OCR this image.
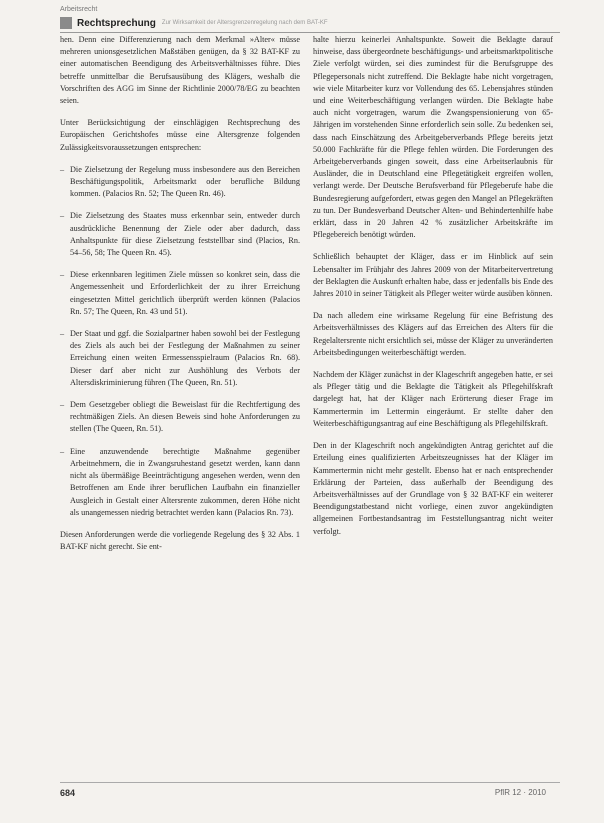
Arbeitsrecht
Rechtsprechung Zur Wirksamkeit der Altersgrenzenregelung nach dem BAT-KF

hen. Denn eine Differenzierung nach dem Merkmal »Alter« müsse mehreren unionsgesetzlichen Maßstäben genügen, da § 32 BAT-KF zu einer automatischen Beendigung des Arbeitsverhältnisses führe. Dies betreffe unmittelbar die Berufsausübung des Klägers, weshalb die Vorschriften des AGG im Sinne der Richtlinie 2000/78/EG zu beachten seien.

Unter Berücksichtigung der einschlägigen Rechtsprechung des Europäischen Gerichtshofes müsse eine Altersgrenze folgenden Zulässigkeitsvoraussetzungen entsprechen:

– Die Zielsetzung der Regelung muss insbesondere aus den Bereichen Beschäftigungspolitik, Arbeitsmarkt oder berufliche Bildung kommen. (Palacios Rn. 52; The Queen Rn. 46).
– Die Zielsetzung des Staates muss erkennbar sein, entweder durch ausdrückliche Benennung der Ziele oder aber dadurch, dass Anhaltspunkte für diese Zielsetzung feststellbar sind (Placios, Rn. 54–56, 58; The Queen Rn. 45).
– Diese erkennbaren legitimen Ziele müssen so konkret sein, dass die Angemessenheit und Erforderlichkeit der zu ihrer Erreichung eingesetzten Mittel gerichtlich überprüft werden können (Palacios Rn. 57; The Queen, Rn. 43 und 51).
– Der Staat und ggf. die Sozialpartner haben sowohl bei der Festlegung des Ziels als auch bei der Festlegung der Maßnahmen zu seiner Erreichung einen weiten Ermessensspielraum (Palacios Rn. 68). Dieser darf aber nicht zur Aushöhlung des Verbots der Altersdiskriminierung führen (The Queen, Rn. 51).
– Dem Gesetzgeber obliegt die Beweislast für die Rechtfertigung des rechtmäßigen Ziels. An diesen Beweis sind hohe Anforderungen zu stellen (The Queen, Rn. 51).
– Eine anzuwendende berechtigte Maßnahme gegenüber Arbeitnehmern, die in Zwangsruhestand gesetzt werden, kann dann nicht als übermäßige Beeinträchtigung angesehen werden, wenn den Betroffenen am Ende ihrer beruflichen Laufbahn ein finanzieller Ausgleich in Gestalt einer Altersrente zukommen, deren Höhe nicht als unangemessen niedrig betrachtet werden kann (Palacios Rn. 73).

Diesen Anforderungen werde die vorliegende Regelung des § 32 Abs. 1 BAT-KF nicht gerecht. Sie ent-

halte hierzu keinerlei Anhaltspunkte. Soweit die Beklagte darauf hinweise, dass übergeordnete beschäftigungs- und arbeitsmarktpolitische Ziele verfolgt würden, sei dies zumindest für die Berufsgruppe des Pflegepersonals nicht zutreffend. Die Beklagte habe nicht vorgetragen, wie viele Mitarbeiter kurz vor Vollendung des 65. Lebensjahres stünden und eine Weiterbeschäftigung verlangen würden. Die Beklagte habe auch nicht vorgetragen, warum die Zwangspensionierung von 65-Jährigen im vorstehenden Sinne erforderlich sein solle. Zu bedenken sei, dass nach Einschätzung des Arbeitgeberverbands Pflege bereits jetzt 50.000 Fachkräfte für die Pflege fehlen würden. Die Forderungen des Arbeitgeberverbands gingen soweit, dass eine Arbeitserlaubnis für Ausländer, die in Deutschland eine Pflegetätigkeit ergreifen wollen, verlangt werde. Der Deutsche Berufsverband für Pflegeberufe habe die Bundesregierung aufgefordert, etwas gegen den Mangel an Pflegekräften zu tun. Der Bundesverband Deutscher Alten- und Behindertenhilfe habe erklärt, dass in 20 Jahren 42 % zusätzlicher Arbeitskräfte im Pflegebereich benötigt würden.

Schließlich behauptet der Kläger, dass er im Hinblick auf sein Lebensalter im Frühjahr des Jahres 2009 von der Mitarbeitervertretung der Beklagten die Auskunft erhalten habe, dass er jedenfalls bis Ende des Jahres 2010 in seiner Tätigkeit als Pfleger weiter würde ausüben können.

Da nach alledem eine wirksame Regelung für eine Befristung des Arbeitsverhältnisses des Klägers auf das Erreichen des Alters für die Regelaltersrente nicht ersichtlich sei, müsse der Kläger zu unveränderten Arbeitsbedingungen weiterbeschäftigt werden.

Nachdem der Kläger zunächst in der Klageschrift angegeben hatte, er sei als Pfleger tätig und die Beklagte die Tätigkeit als Pflegehilfskraft dargelegt hat, hat der Kläger nach Erörterung dieser Frage im Kammertermin im Lettermin eingeräumt. Er stellte daher den Weiterbeschäftigungsantrag auf eine Beschäftigung als Pflegehilfskraft.

Den in der Klageschrift noch angekündigten Antrag gerichtet auf die Erteilung eines qualifizierten Arbeitszeugnisses hat der Kläger im Kammertermin nicht mehr gestellt. Ebenso hat er nach entsprechender Erklärung der Parteien, dass außerhalb der Beendigung des Arbeitsverhältnisses auf der Grundlage von § 32 BAT-KF ein weiterer Beendigungstatbestand nicht vorliege, einen zuvor angekündigten allgemeinen Fortbestandsantrag im Feststellungsantrag nicht weiter verfolgt.

684	PflR 12 · 2010
